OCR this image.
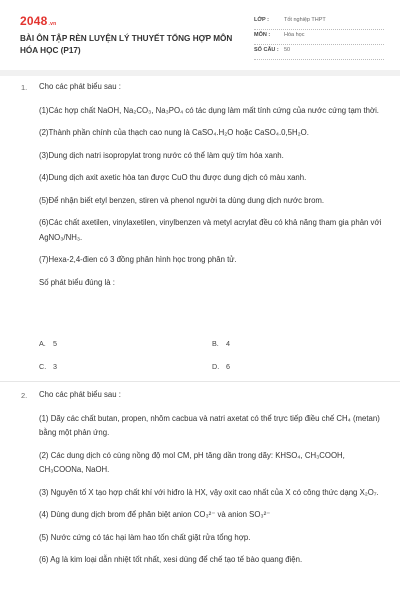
2048.vn
BÀI ÔN TẬP RÈN LUYỆN LÝ THUYẾT TỔNG HỢP MÔN HÓA HỌC (P17)
LỚP :	Tốt nghiệp THPT
MÔN :	Hóa học
SỐ CÂU : 50
1. Cho các phát biểu sau :

(1)Các hợp chất NaOH, Na₂CO₃, Na₃PO₄ có tác dụng làm mất tính cứng của nước cứng tạm thời.

(2)Thành phần chính của thạch cao nung là CaSO₄.H₂O hoặc CaSO₄.0,5H₂O.

(3)Dung dịch natri isopropylat trong nước có thể làm quỳ tím hóa xanh.

(4)Dung dịch axit axetic hòa tan được CuO thu được dung dịch có màu xanh.

(5)Để nhận biết etyl benzen, stiren và phenol người ta dùng dung dịch nước brom.

(6)Các chất axetilen, vinylaxetilen, vinylbenzen và metyl acrylat đều có khả năng tham gia phản với AgNO₃/NH₃.

(7)Hexa-2,4-đien có 3 đồng phân hình học trong phân tử.

Số phát biểu đúng là :

A. 5	B. 4
C. 3	D. 6
2. Cho các phát biểu sau :

(1) Dãy các chất butan, propen, nhôm cacbua và natri axetat có thể trực tiếp điều chế CH₄ (metan) bằng một phản ứng.

(2) Các dung dịch có cùng nồng độ mol CM, pH tăng dần trong dãy: KHSO₄, CH₃COOH, CH₃COONa, NaOH.

(3) Nguyên tố X tạo hợp chất khí với hiđro là HX, vậy oxit cao nhất của X có công thức dạng X₂O₇.

(4) Dùng dung dịch brom để phân biệt anion CO₃²⁻ và anion SO₃²⁻

(5) Nước cứng có tác hại làm hao tốn chất giặt rửa tổng hợp.

(6) Ag là kim loại dẫn nhiệt tốt nhất, xesi dùng để chế tạo tế bào quang điện.
